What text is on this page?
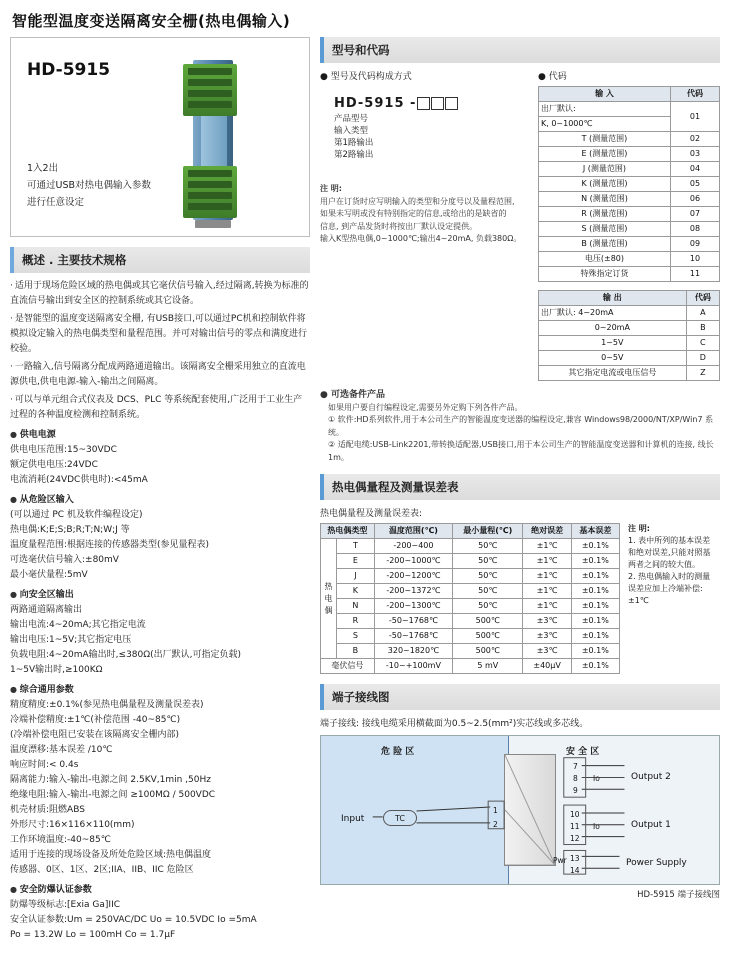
智能型温度变送隔离安全栅(热电偶输入)
HD-5915
1入2出
可通过USB对热电偶输入参数
进行任意设定
概述 . 主要技术规格

· 适用于现场危险区域的热电偶或其它毫伏信号输入,经过隔离,转换为标准的直流信号输出到安全区的控制系统或其它设备。

· 是智能型的温度变送隔离安全栅, 有USB接口,可以通过PC机和控制软件将模拟设定输入的热电偶类型和量程范围。并可对输出信号的零点和满度进行校验。

· 一路输入,信号隔离分配成两路通道输出。该隔离安全栅采用独立的直流电源供电,供电电源-输入-输出之间隔离。

· 可以与单元组合式仪表及 DCS、PLC 等系统配套使用,广泛用于工业生产过程的各种温度检测和控制系统。

● 供电电源
供电电压范围:15~30VDC
额定供电电压:24VDC
电流消耗(24VDC供电时):<45mA
● 从危险区输入
(可以通过 PC 机及软件编程设定)
热电偶:K;E;S;B;R;T;N;W;J 等
温度量程范围:根据连接的传感器类型(参见量程表)
可选毫伏信号输入:±80mV
最小毫伏量程:5mV
● 向安全区输出
两路通道隔离输出
输出电流:4~20mA;其它指定电流
输出电压:1~5V;其它指定电压
负载电阻:4~20mA输出时,≤380Ω(出厂默认,可指定负载)
1~5V输出时,≥100KΩ
● 综合通用参数
精度精度:±0.1%(参见热电偶量程及测量误差表)
冷端补偿精度:±1℃(补偿范围 -40~85℃)
(冷端补偿电阻已安装在该隔离安全栅内部)
温度漂移:基本误差 /10℃
响应时间:< 0.4s
隔离能力:输入-输出-电源之间 2.5KV,1min ,50Hz
绝缘电阻:输入-输出-电源之间 ≥100MΩ / 500VDC
机壳材质:阻燃ABS
外形尺寸:16×116×110(mm)
工作环境温度:-40~85℃
适用于连接的现场设备及所处危险区域:热电偶温度
传感器、0区、1区、2区;IIA、IIB、IIC 危险区
● 安全防爆认证参数
防爆等级标志:[Exia Ga]IIC
安全认证参数:Um = 250VAC/DC Uo = 10.5VDC Io =5mA
Po = 13.2W Lo = 100mH Co = 1.7µF
型号和代码
● 型号及代码构成方式
HD-5915 -
产品型号
输入类型
第1路输出
第2路输出
注 明:
用户在订货时应写明输入的类型和分度号以及量程范围,
如果未写明或没有特别指定的信息,或给出的是缺省的
信息, 到产品发货时将按出厂默认设定提供。
输入K型热电偶,0~1000℃;输出4~20mA, 负载380Ω。
● 代码
输 入	代码
出厂默认:	01
K, 0~1000℃	
T (测量范围)	02
E (测量范围)	03
J (测量范围)	04
K (测量范围)	05
N (测量范围)	06
R (测量范围)	07
S (测量范围)	08
B (测量范围)	09
电压(±80)	10
特殊指定订货	11
输 出	代码
出厂默认: 4~20mA	A
0~20mA	B
1~5V	C
0~5V	D
其它指定电流或电压信号	Z
● 可选备件产品
如果用户要自行编程设定,需要另外定购下列各件产品。
① 软件:HD系列软件,用于本公司生产的智能温度变送器的编程设定,兼容 Windows98/2000/NT/XP/Win7 系统。
② 适配电缆:USB-Link2201,带转换适配器,USB接口,用于本公司生产的智能温度变送器和计算机的连接, 线长1m。
热电偶量程及测量误差表
热电偶量程及测量误差表:
热电偶类型		温度范围(℃)	最小量程(℃)	绝对误差	基本误差
热
电
偶	T	-200~400	50℃	±1℃	±0.1%
	E	-200~1000℃	50℃	±1℃	±0.1%
	J	-200~1200℃	50℃	±1℃	±0.1%
	K	-200~1372℃	50℃	±1℃	±0.1%
	N	-200~1300℃	50℃	±1℃	±0.1%
	R	-50~1768℃	500℃	±3℃	±0.1%
	S	-50~1768℃	500℃	±3℃	±0.1%
	B	320~1820℃	500℃	±3℃	±0.1%
毫伏信号		-10~+100mV	5 mV	±40µV	±0.1%
注 明:
1. 表中所列的基本误差和绝对误差,只能对照基两者之间的较大值。
2. 热电偶输入时的测量误差应加上冷端补偿: ±1℃
端子接线图
端子接线: 接线电缆采用横截面为0.5~2.5(mm²)实芯线或多芯线。
危 险 区	安 全 区
Input	TC
1
2
7
8
9
10
11
12
13
14
Io
Io
Output 2
Output 1
Power Supply
Pwr
HD-5915 端子接线图
